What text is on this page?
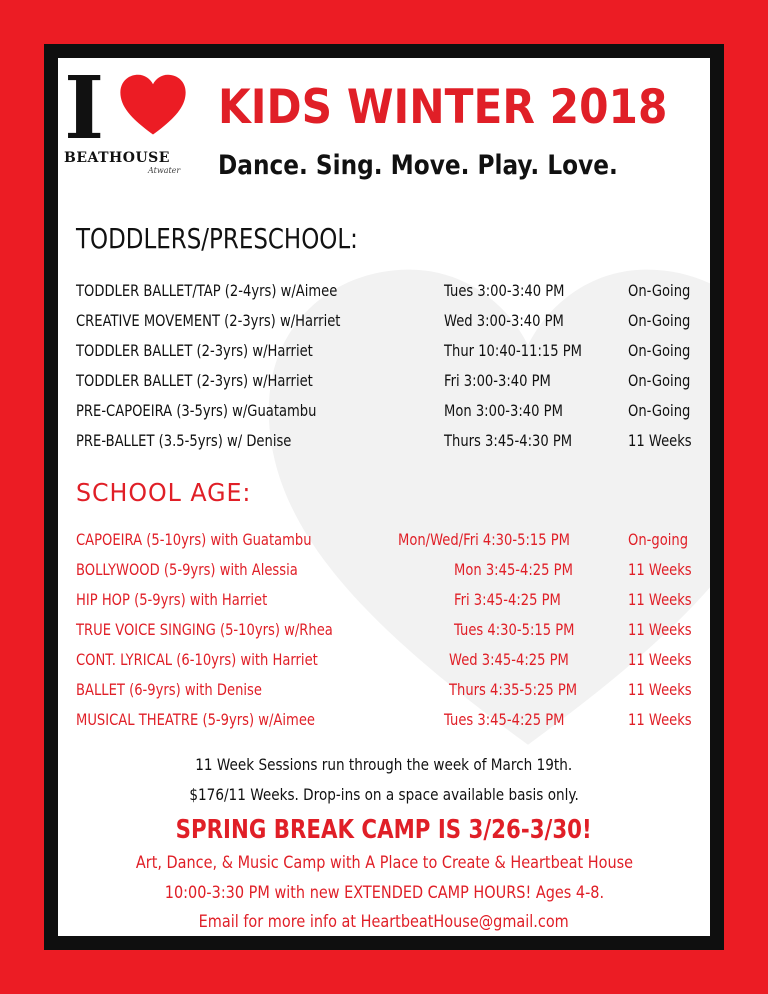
I
BEATHOUSE
Atwater
KIDS WINTER 2018
Dance. Sing. Move. Play. Love.
TODDLERS/PRESCHOOL:
TODDLER BALLET/TAP (2-4yrs) w/Aimee	Tues 3:00-3:40 PM	On-Going
CREATIVE MOVEMENT (2-3yrs) w/Harriet	Wed 3:00-3:40 PM	On-Going
TODDLER BALLET (2-3yrs) w/Harriet	Thur 10:40-11:15 PM	On-Going
TODDLER BALLET (2-3yrs) w/Harriet	Fri 3:00-3:40 PM	On-Going
PRE-CAPOEIRA (3-5yrs) w/Guatambu	Mon 3:00-3:40 PM	On-Going
PRE-BALLET (3.5-5yrs) w/ Denise	Thurs 3:45-4:30 PM	11 Weeks
SCHOOL AGE:
CAPOEIRA (5-10yrs) with Guatambu	Mon/Wed/Fri 4:30-5:15 PM	On-going
BOLLYWOOD (5-9yrs) with Alessia	Mon 3:45-4:25 PM	11 Weeks
HIP HOP (5-9yrs) with Harriet	Fri 3:45-4:25 PM	11 Weeks
TRUE VOICE SINGING (5-10yrs) w/Rhea	Tues 4:30-5:15 PM	11 Weeks
CONT. LYRICAL (6-10yrs) with Harriet	Wed 3:45-4:25 PM	11 Weeks
BALLET (6-9yrs) with Denise	Thurs 4:35-5:25 PM	11 Weeks
MUSICAL THEATRE (5-9yrs) w/Aimee	Tues 3:45-4:25 PM	11 Weeks
11 Week Sessions run through the week of March 19th.
$176/11 Weeks. Drop-ins on a space available basis only.
SPRING BREAK CAMP IS 3/26-3/30!
Art, Dance, & Music Camp with A Place to Create & Heartbeat House
10:00-3:30 PM with new EXTENDED CAMP HOURS! Ages 4-8.
Email for more info at HeartbeatHouse@gmail.com
